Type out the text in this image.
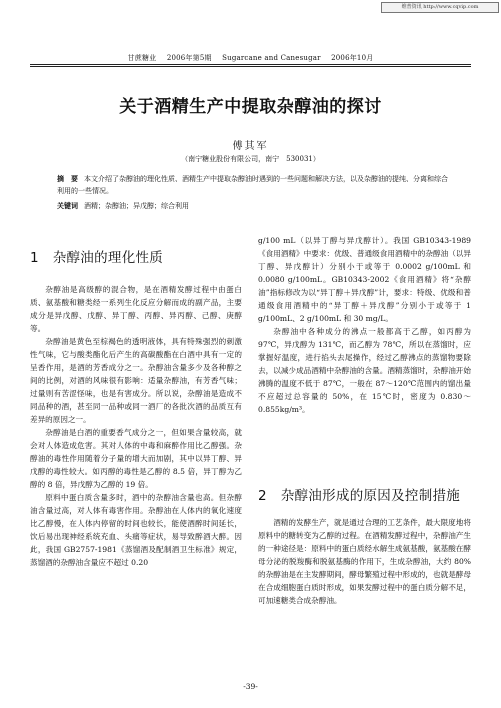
维普资讯 http://www.cqvip.com
甘蔗糖业 2006年第5期 Sugarcane and Canesugar 2006年10月
关于酒精生产中提取杂醇油的探讨
傅其军
（南宁糖业股份有限公司，南宁　530031）
摘　要 本文介绍了杂醇油的理化性质、酒精生产中提取杂醇油时遇到的一些问题和解决方法，以及杂醇油的提纯、分离和综合利用的一些情况。
关键词 酒精；杂醇油；异戊醇；综合利用
1　杂醇油的理化性质

杂醇油是高级醇的混合物，是在酒精发酵过程中由蛋白质、氨基酸和糖类经一系列生化反应分解而成的副产品，主要成分是异戊醇、戊醇、异丁醇、丙醇、异丙醇、己醇、庚醇等。

杂醇油是黄色至棕褐色的透明液体，具有特殊强烈的刺激性气味，它与酸类酯化后产生的高碳酸酯在白酒中具有一定的呈香作用，是酒的芳香成分之一。杂醇油含量多少及各种醇之间的比例，对酒的风味很有影响：适量杂醇油，有芳香气味；过量则有苦涩怪味，也是有害成分。所以说，杂醇油是造成不同品种的酒，甚至同一品种或同一酒厂的各批次酒的品质互有差异的原因之一。

杂醇油是白酒的重要香气成分之一，但如果含量较高，就会对人体造成危害。其对人体的中毒和麻醉作用比乙醇强。杂醇油的毒性作用随着分子量的增大而加剧，其中以异丁醇、异戊醇的毒性较大。如丙醇的毒性是乙醇的 8.5 倍，异丁醇为乙醇的 8 倍，异戊醇为乙醇的 19 倍。

原料中蛋白质含量多时，酒中的杂醇油含量也高。但杂醇油含量过高，对人体有毒害作用。杂醇油在人体内的氧化速度比乙醇慢，在人体内停留的时间也较长，能使酒醉时间延长，饮后易出现神经系统充血、头痛等症状，易导致醉酒大醉。因此，我国 GB2757-1981《蒸馏酒及配制酒卫生标准》规定，蒸馏酒的杂醇油含量应不超过 0.20

g/100 mL（以异丁醇与异戊醇计）。我国 GB10343-1989《食用酒精》中要求：优级、普通级食用酒精中的杂醇油（以异丁醇、异戊醇计）分别小于或等于 0.0002 g/100mL 和 0.0080 g/100mL。GB10343-2002《食用酒精》将“杂醇油”指标修改为以“异丁醇＋异戊醇”计，要求：特级、优级和普通级食用酒精中的“异丁醇＋异戊醇”分别小于或等于 1 g/100mL、2 g/100mL 和 30 mg/L。

杂醇油中各种成分的沸点一般都高于乙醇，如丙醇为 97℃，异戊醇为 131℃，而乙醇为 78℃，所以在蒸馏时，应掌握好温度，进行掐头去尾操作，经过乙醇沸点的蒸馏物要除去，以减少成品酒精中杂醇油的含量。酒精蒸馏时，杂醇油开始沸腾的温度不低于 87℃，一般在 87～120℃范围内的馏出量不应超过总容量的 50%，在 15℃时，密度为 0.830～0.855kg/m³。

2　杂醇油形成的原因及控制措施

酒精的发酵生产，就是通过合理的工艺条件，最大限度地将原料中的糖转变为乙醇的过程。在酒精发酵过程中，杂醇油产生的一种途径是：原料中的蛋白质经水解生成氨基酸，氨基酸在酵母分泌的脱羧酶和脱氨基酶的作用下，生成杂醇油，大约 80% 的杂醇油是在主发酵期间，酵母繁殖过程中形成的，也就是酵母在合成细胞蛋白质时形成，如果发酵过程中的蛋白质分解不足，可加速糖类合成杂醇油。

-39-
